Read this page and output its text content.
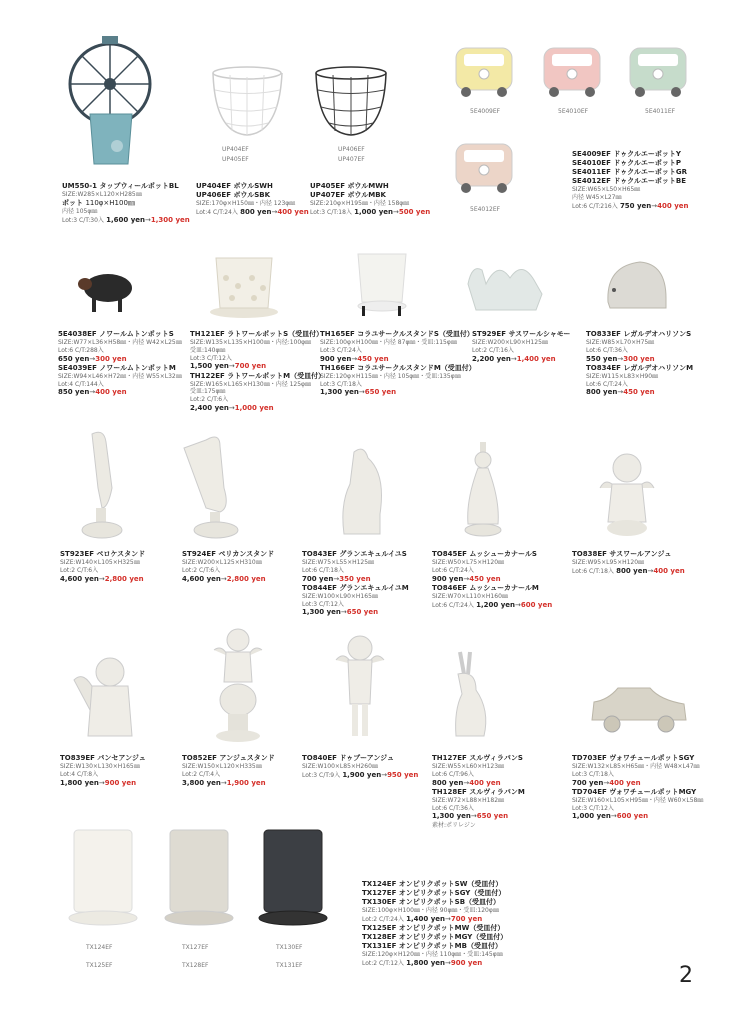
UP404EF
UP405EF
UP406EF
UP407EF
5E4009EF	5E4010EF	5E4011EF
5E4012EF
TX124EF
TX125EF
TX127EF
TX128EF
TX130EF
TX131EF
UM550-1 タップウィールポットBL
SIZE:W285×L120×H285㎜
ポット 110φ×H100㎜
内径 105φ㎜
Lot:3 C/T:30入 1,600 yen→1,300 yen
UP404EF ボウルSWH
UP406EF ボウルSBK
SIZE:170φ×H150㎜・内径 123φ㎜
Lot:4 C/T:24入 800 yen→400 yen
UP405EF ボウルMWH
UP407EF ボウルMBK
SIZE:210φ×H195㎜・内径 158φ㎜
Lot:3 C/T:18入 1,000 yen→500 yen
SE4009EF ドゥクルエーポットY
SE4010EF ドゥクルエーポットP
SE4011EF ドゥクルエーポットGR
SE4012EF ドゥクルエーポットBE
SIZE:W65×L50×H65㎜
内径 W45×L27㎜
Lot:6 C/T:216入 750 yen→400 yen
5E4038EF ノワールムトンポットS
SIZE:W77×L36×H58㎜・内径 W42×L25㎜
Lot:6 C/T:288入
650 yen→300 yen
SE4039EF ノワールムトンポットM
SIZE:W94×L46×H72㎜・内径 W55×L32㎜
Lot:4 C/T:144入
850 yen→400 yen
TH121EF ラトワールポットS（受皿付）
SIZE:W135×L135×H100㎜・内径:100φ㎜
受皿:140φ㎜
Lot:3 C/T:12入
1,500 yen→700 yen
TH122EF ラトワールポットM（受皿付）
SIZE:W165×L165×H130㎜・内径 125φ㎜
受皿:175φ㎜
Lot:2 C/T:6入
2,400 yen→1,000 yen
TH165EF コラユサークルスタンドS（受皿付）
SIZE:100φ×H100㎜・内径 87φ㎜・受皿:115φ㎜
Lot:3 C/T:24入
900 yen→450 yen
TH166EF コラユサークルスタンドM（受皿付）
SIZE:120φ×H115㎜・内径 105φ㎜・受皿:135φ㎜
Lot:3 C/T:18入
1,300 yen→650 yen
ST929EF サスワールシャモー
SIZE:W200×L90×H125㎜
Lot:2 C/T:16入
2,200 yen→1,400 yen
TO833EF レガルデオハリソンS
SIZE:W85×L70×H75㎜
Lot:6 C/T:36入
550 yen→300 yen
TO834EF レガルデオハリソンM
SIZE:W115×L83×H90㎜
Lot:6 C/T:24入
800 yen→450 yen
ST923EF ペロケスタンド
SIZE:W140×L105×H325㎜
Lot:2 C/T:6入
4,600 yen→2,800 yen
ST924EF ペリカンスタンド
SIZE:W200×L125×H310㎜
Lot:2 C/T:6入
4,600 yen→2,800 yen
TO843EF グランエキュルイユS
SIZE:W75×L55×H125㎜
Lot:6 C/T:18入
700 yen→350 yen
TO844EF グランエキュルイユM
SIZE:W100×L90×H165㎜
Lot:3 C/T:12入
1,300 yen→650 yen
TO845EF ムッシューカナールS
SIZE:W50×L75×H120㎜
Lot:6 C/T:24入
900 yen→450 yen
TO846EF ムッシューカナールM
SIZE:W70×L110×H160㎜
Lot:6 C/T:24入 1,200 yen→600 yen
TO838EF サスワールアンジュ
SIZE:W95×L95×H120㎜
Lot:6 C/T:18入 800 yen→400 yen
TO839EF パンセアンジュ
SIZE:W130×L130×H165㎜
Lot:4 C/T:8入
1,800 yen→900 yen
TO852EF アンジュスタンド
SIZE:W150×L120×H335㎜
Lot:2 C/T:4入
3,800 yen→1,900 yen
TO840EF ドゥブーアンジュ
SIZE:W100×L85×H260㎜
Lot:3 C/T:9入 1,900 yen→950 yen
TH127EF スルヴィラパンS
SIZE:W55×L60×H123㎜
Lot:6 C/T:96入
800 yen→400 yen
TH128EF スルヴィラパンM
SIZE:W72×L88×H182㎜
Lot:6 C/T:36入
1,300 yen→650 yen
素材:ポリレジン
TD703EF ヴォワチュールポットSGY
SIZE:W132×L85×H65㎜・内径 W48×L47㎜
Lot:3 C/T:18入
700 yen→400 yen
TD704EF ヴォワチュールポットMGY
SIZE:W160×L105×H95㎜・内径 W60×L58㎜
Lot:3 C/T:12入
1,000 yen→600 yen
TX124EF オンピリクポットSW（受皿付）
TX127EF オンピリクポットSGY（受皿付）
TX130EF オンピリクポットSB（受皿付）
SIZE:100φ×H100㎜・内径 90φ㎜・受皿:120φ㎜
Lot:2 C/T:24入 1,400 yen→700 yen
TX125EF オンピリクポットMW（受皿付）
TX128EF オンピリクポットMGY（受皿付）
TX131EF オンピリクポットMB（受皿付）
SIZE:120φ×H120㎜・内径 110φ㎜・受皿:145φ㎜
Lot:2 C/T:12入 1,800 yen→900 yen	2
